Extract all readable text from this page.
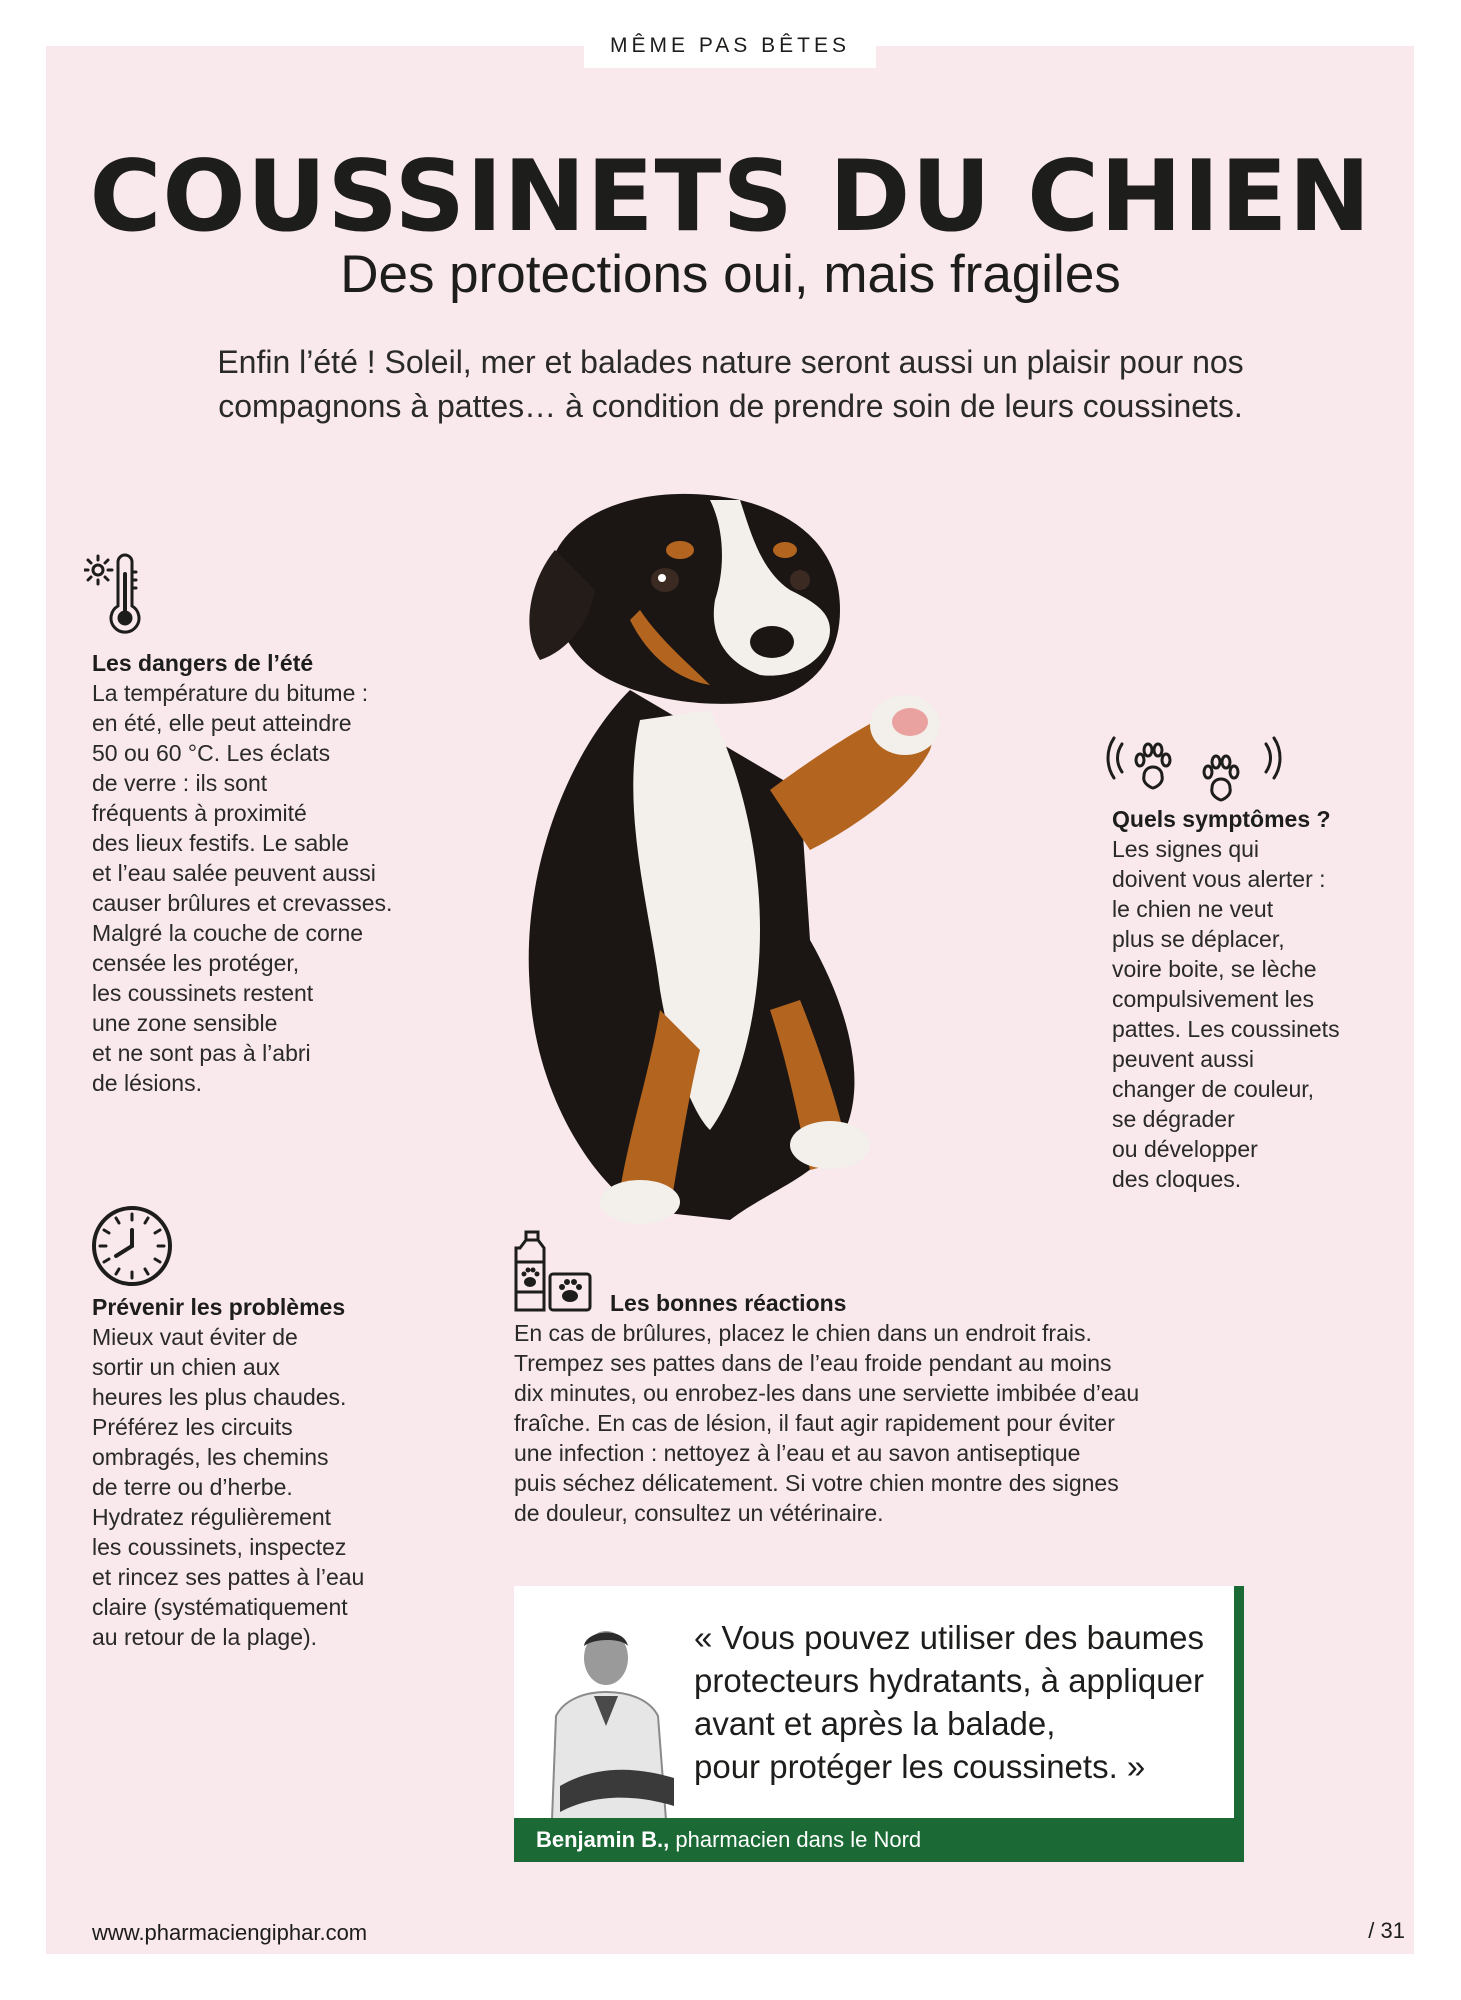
MÊME PAS BÊTES
COUSSINETS DU CHIEN
Des protections oui, mais fragiles
Enfin l’été ! Soleil, mer et balades nature seront aussi un plaisir pour nos
compagnons à pattes… à condition de prendre soin de leurs coussinets.
Les dangers de l’été
La température du bitume :
en été, elle peut atteindre
50 ou 60 °C. Les éclats
de verre : ils sont
fréquents à proximité
des lieux festifs. Le sable
et l’eau salée peuvent aussi
causer brûlures et crevasses.
Malgré la couche de corne
censée les protéger,
les coussinets restent
une zone sensible
et ne sont pas à l’abri
de lésions.
Quels symptômes ?
Les signes qui
doivent vous alerter :
le chien ne veut
plus se déplacer,
voire boite, se lèche
compulsivement les
pattes. Les coussinets
peuvent aussi
changer de couleur,
se dégrader
ou développer
des cloques.
Prévenir les problèmes
Mieux vaut éviter de
sortir un chien aux
heures les plus chaudes.
Préférez les circuits
ombragés, les chemins
de terre ou d’herbe.
Hydratez régulièrement
les coussinets, inspectez
et rincez ses pattes à l’eau
claire (systématiquement
au retour de la plage).
Les bonnes réactions
En cas de brûlures, placez le chien dans un endroit frais.
Trempez ses pattes dans de l’eau froide pendant au moins
dix minutes, ou enrobez-les dans une serviette imbibée d’eau
fraîche. En cas de lésion, il faut agir rapidement pour éviter
une infection : nettoyez à l’eau et au savon antiseptique
puis séchez délicatement. Si votre chien montre des signes
de douleur, consultez un vétérinaire.
« Vous pouvez utiliser des baumes
protecteurs hydratants, à appliquer
avant et après la balade,
pour protéger les coussinets. »
Benjamin B., pharmacien dans le Nord
www.pharmaciengiphar.com	/ 31
